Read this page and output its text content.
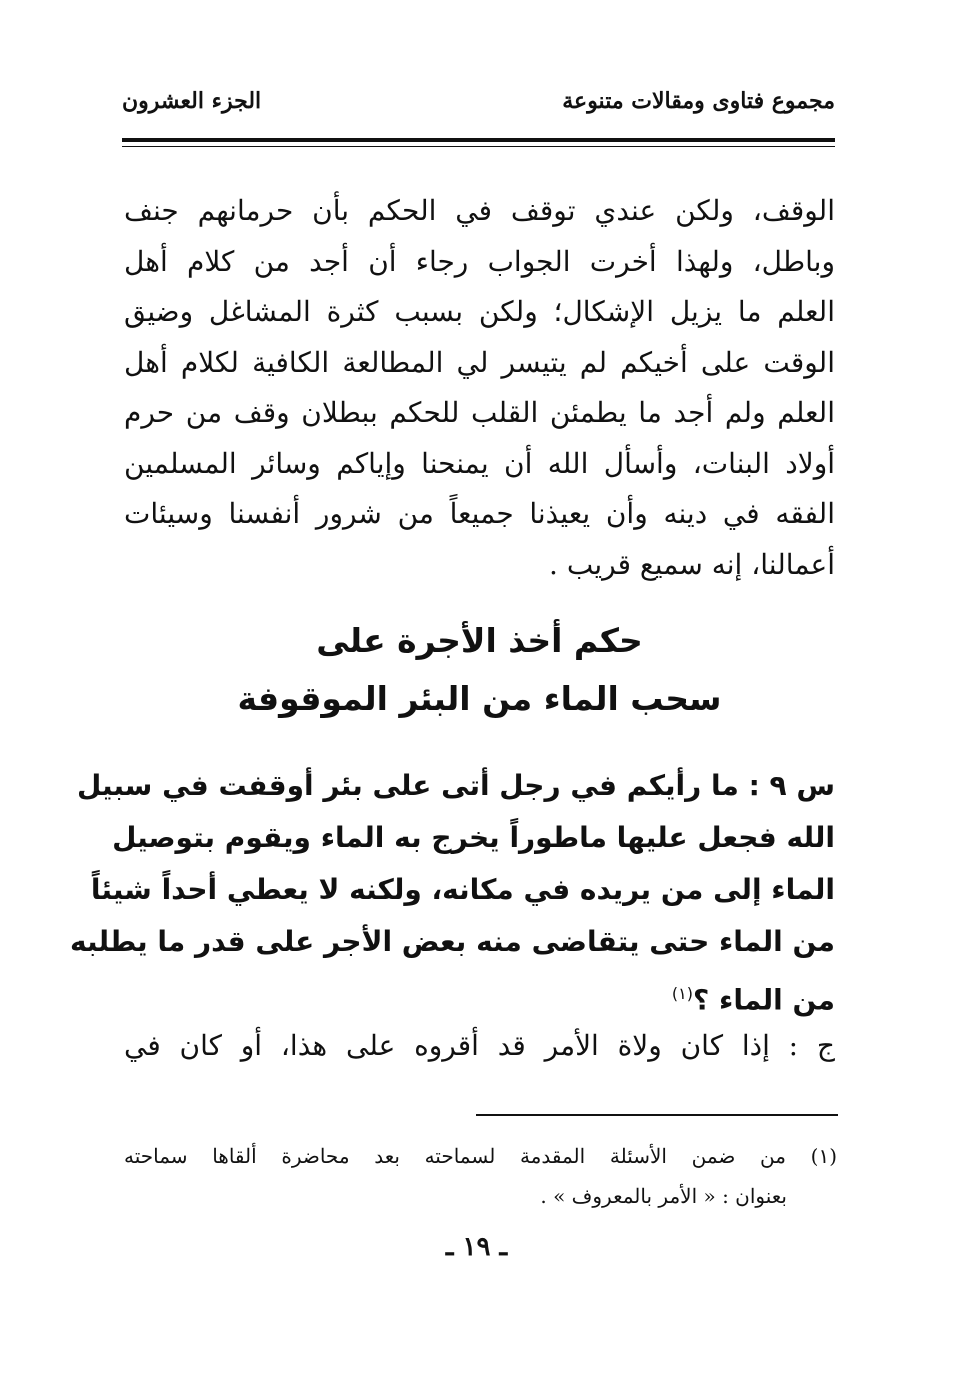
مجموع فتاوى ومقالات متنوعة
الجزء العشرون
الوقف، ولكن عندي توقف في الحكم بأن حرمانهم جنف
وباطل، ولهذا أخرت الجواب رجاء أن أجد من كلام أهل
العلم ما يزيل الإشكال؛ ولكن بسبب كثرة المشاغل وضيق
الوقت على أخيكم لم يتيسر لي المطالعة الكافية لكلام أهل
العلم ولم أجد ما يطمئن القلب للحكم ببطلان وقف من حرم
أولاد البنات، وأسأل الله أن يمنحنا وإياكم وسائر المسلمين
الفقه في دينه وأن يعيذنا جميعاً من شرور أنفسنا وسيئات
أعمالنا، إنه سميع قريب .
حكم أخذ الأجرة على
سحب الماء من البئر الموقوفة
س ٩ : ما رأيكم في رجل أتى على بئر أوقفت في سبيل
الله فجعل عليها ماطوراً يخرج به الماء ويقوم بتوصيل
الماء إلى من يريده في مكانه، ولكنه لا يعطي أحداً شيئاً
من الماء حتى يتقاضى منه بعض الأجر على قدر ما يطلبه
من الماء ؟$^{(١)}$
ج : إذا كان ولاة الأمر قد أقروه على هذا، أو كان في
(١) من ضمن الأسئلة المقدمة لسماحته بعد محاضرة ألقاها سماحته
بعنوان : « الأمر بالمعروف » .
ـ ١٩ ـ
